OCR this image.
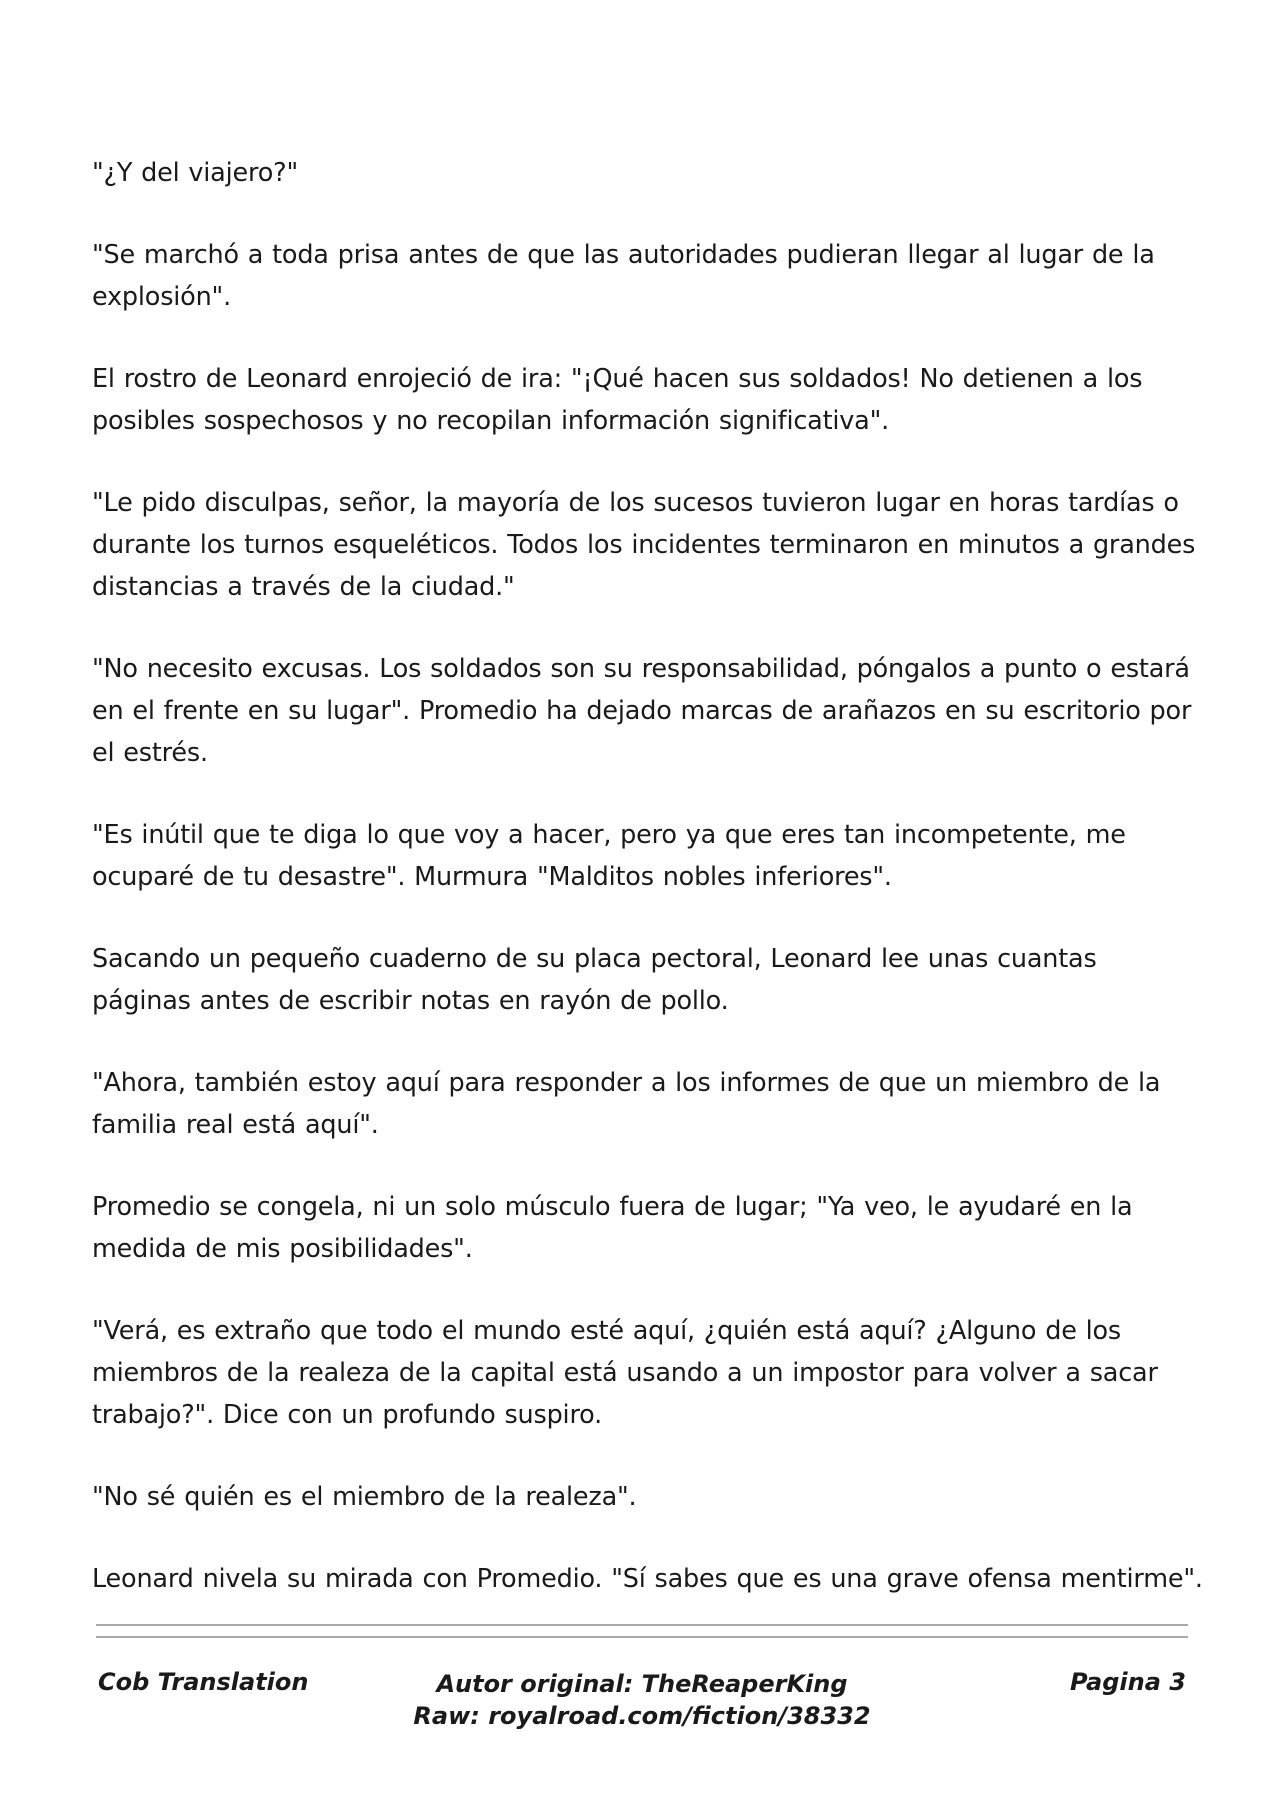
"¿Y del viajero?"

"Se marchó a toda prisa antes de que las autoridades pudieran llegar al lugar de la explosión".

El rostro de Leonard enrojeció de ira: "¡Qué hacen sus soldados! No detienen a los posibles sospechosos y no recopilan información significativa".

"Le pido disculpas, señor, la mayoría de los sucesos tuvieron lugar en horas tardías o durante los turnos esqueléticos. Todos los incidentes terminaron en minutos a grandes distancias a través de la ciudad."

"No necesito excusas. Los soldados son su responsabilidad, póngalos a punto o estará en el frente en su lugar". Promedio ha dejado marcas de arañazos en su escritorio por el estrés.

"Es inútil que te diga lo que voy a hacer, pero ya que eres tan incompetente, me ocuparé de tu desastre". Murmura "Malditos nobles inferiores".

Sacando un pequeño cuaderno de su placa pectoral, Leonard lee unas cuantas páginas antes de escribir notas en rayón de pollo.

"Ahora, también estoy aquí para responder a los informes de que un miembro de la familia real está aquí".

Promedio se congela, ni un solo músculo fuera de lugar; "Ya veo, le ayudaré en la medida de mis posibilidades".

"Verá, es extraño que todo el mundo esté aquí, ¿quién está aquí? ¿Alguno de los miembros de la realeza de la capital está usando a un impostor para volver a sacar trabajo?". Dice con un profundo suspiro.

"No sé quién es el miembro de la realeza".

Leonard nivela su mirada con Promedio. "Sí sabes que es una grave ofensa mentirme".

Cob Translation	Autor original: TheReaperKing
Raw: royalroad.com/fiction/38332
Pagina 3
